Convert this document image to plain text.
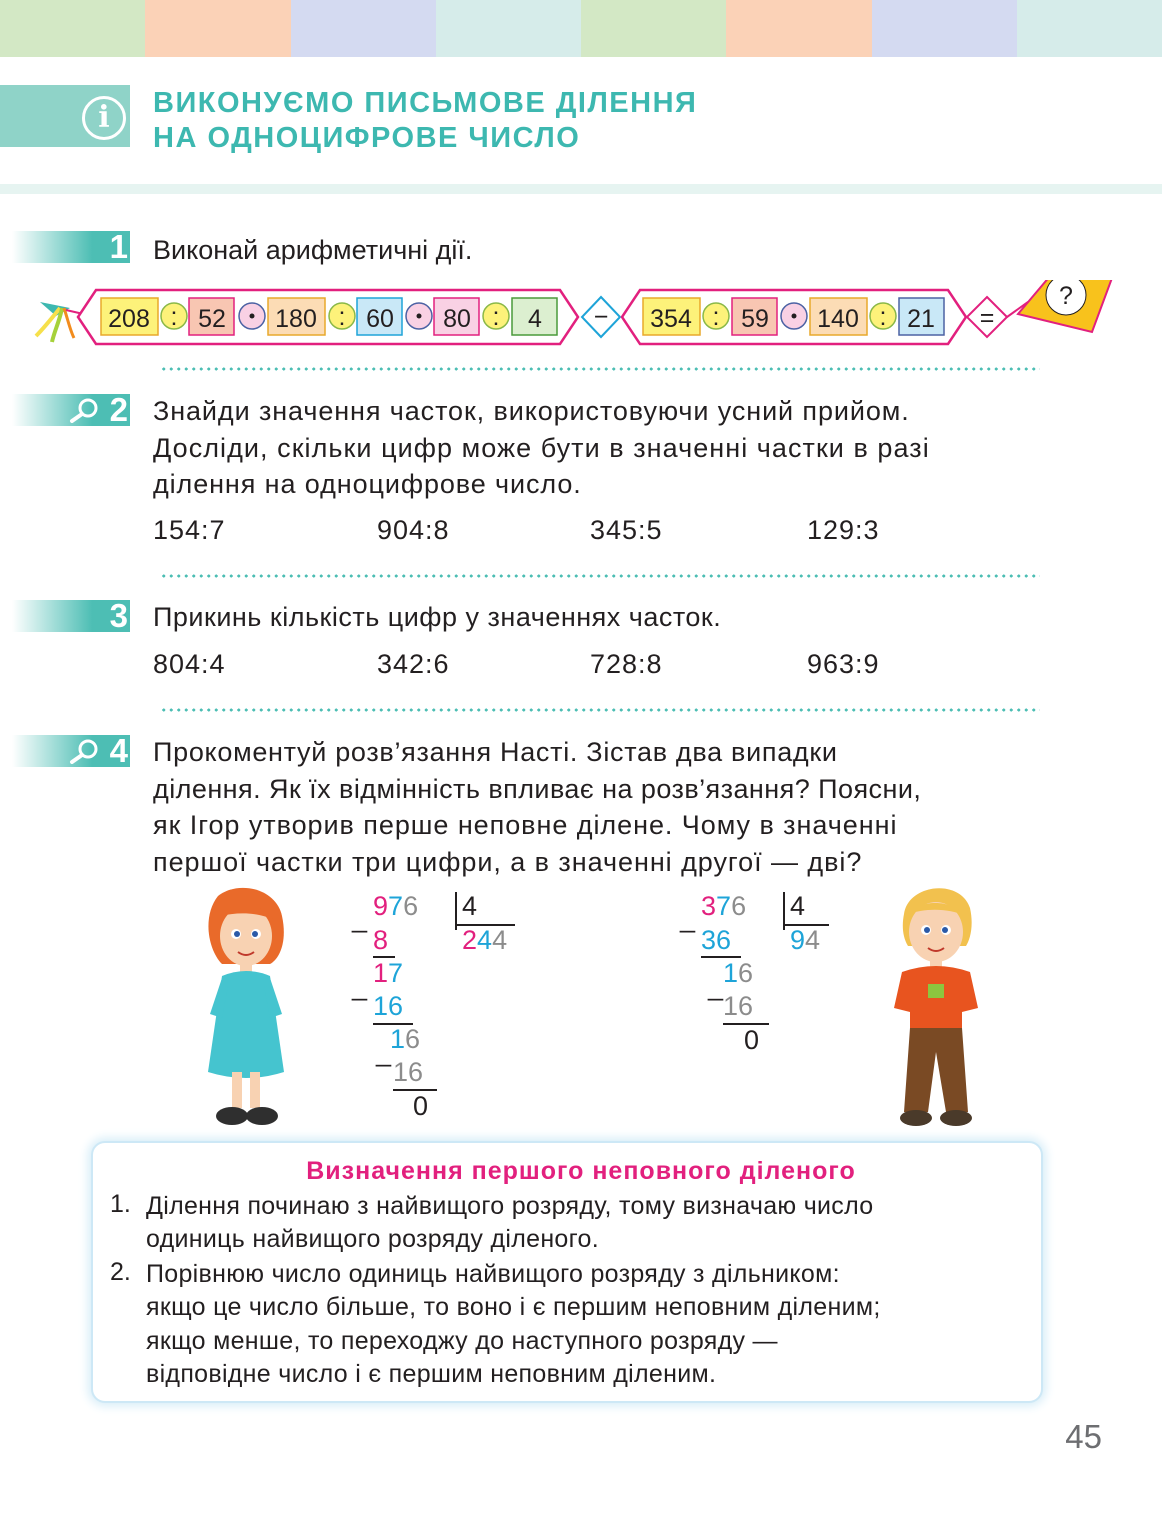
i	ВИКОНУЄМО ПИСЬМОВЕ ДІЛЕННЯ
НА ОДНОЦИФРОВЕ ЧИСЛО
1 Виконай арифметичні дії.
−	=
?
208 : 52 180 : 60 80 : 4	354 : 59 140 : 21
2 Знайди значення часток, використовуючи усний прийом.
Досліди, скільки цифр може бути в значенні частки в разі
ділення на одноцифрове число.
154:7	904:8	345:5	129:3
3 Прикинь кількість цифр у значеннях часток.
804:4	342:6	728:8	963:9
4 Прокоментуй розв’язання Насті. Зістав два випадки
ділення. Як їх відмінність впливає на розв’язання? Поясни,
як Ігор утворив перше неповне ділене. Чому в значенні
першої частки три цифри, а в значенні другої — дві?
_ 976 4
244
8
_ 17
16
_
16
16
0
_ 376 4
94
36
_ 16
16
0
Визначення першого неповного діленого
1. Ділення починаю з найвищого розряду, тому визначаю число
одиниць найвищого розряду діленого.
2. Порівнюю число одиниць найвищого розряду з дільником:
якщо це число більше, то воно і є першим неповним діленим;
якщо менше, то переходжу до наступного розряду —
відповідне число і є першим неповним діленим.
45
